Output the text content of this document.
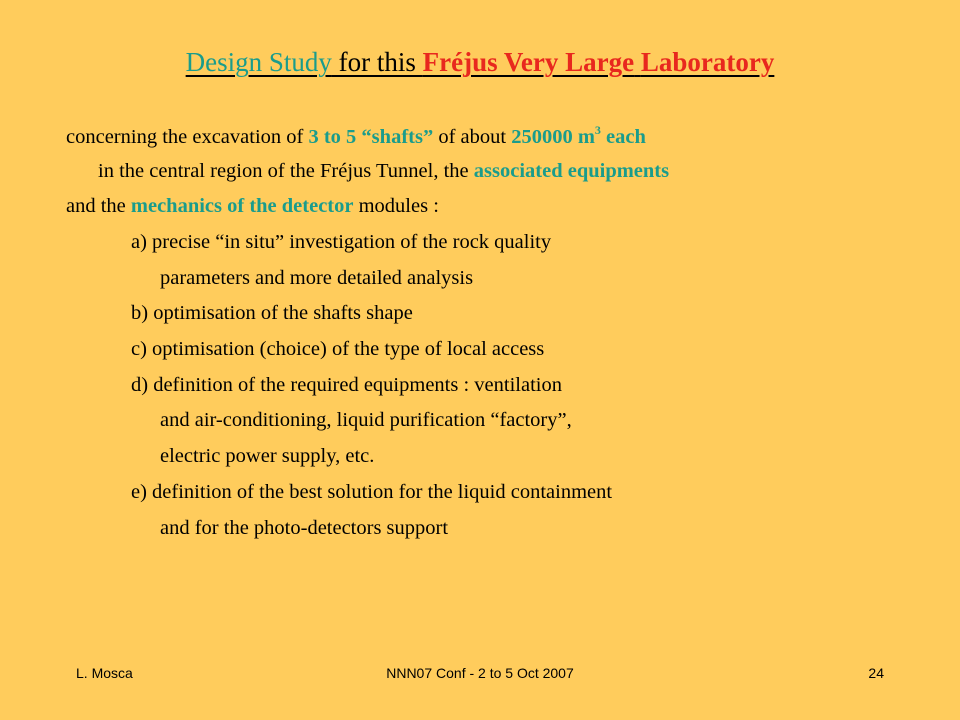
Design Study for this Fréjus Very Large Laboratory
concerning the excavation of 3 to 5 “shafts” of about 250000 $m^3$ each
in the central region of the Fréjus Tunnel, the associated equipments
and the mechanics of the detector modules :
a) precise “in situ” investigation of the rock quality
parameters and more detailed analysis
b) optimisation of the shafts shape
c) optimisation (choice) of the type of local access
d) definition of the required equipments : ventilation
and air-conditioning, liquid purification “factory”,
electric power supply, etc.
e) definition of the best solution for the liquid containment
and for the photo-detectors support
L. Mosca	NNN07 Conf - 2 to 5 Oct 2007	24
